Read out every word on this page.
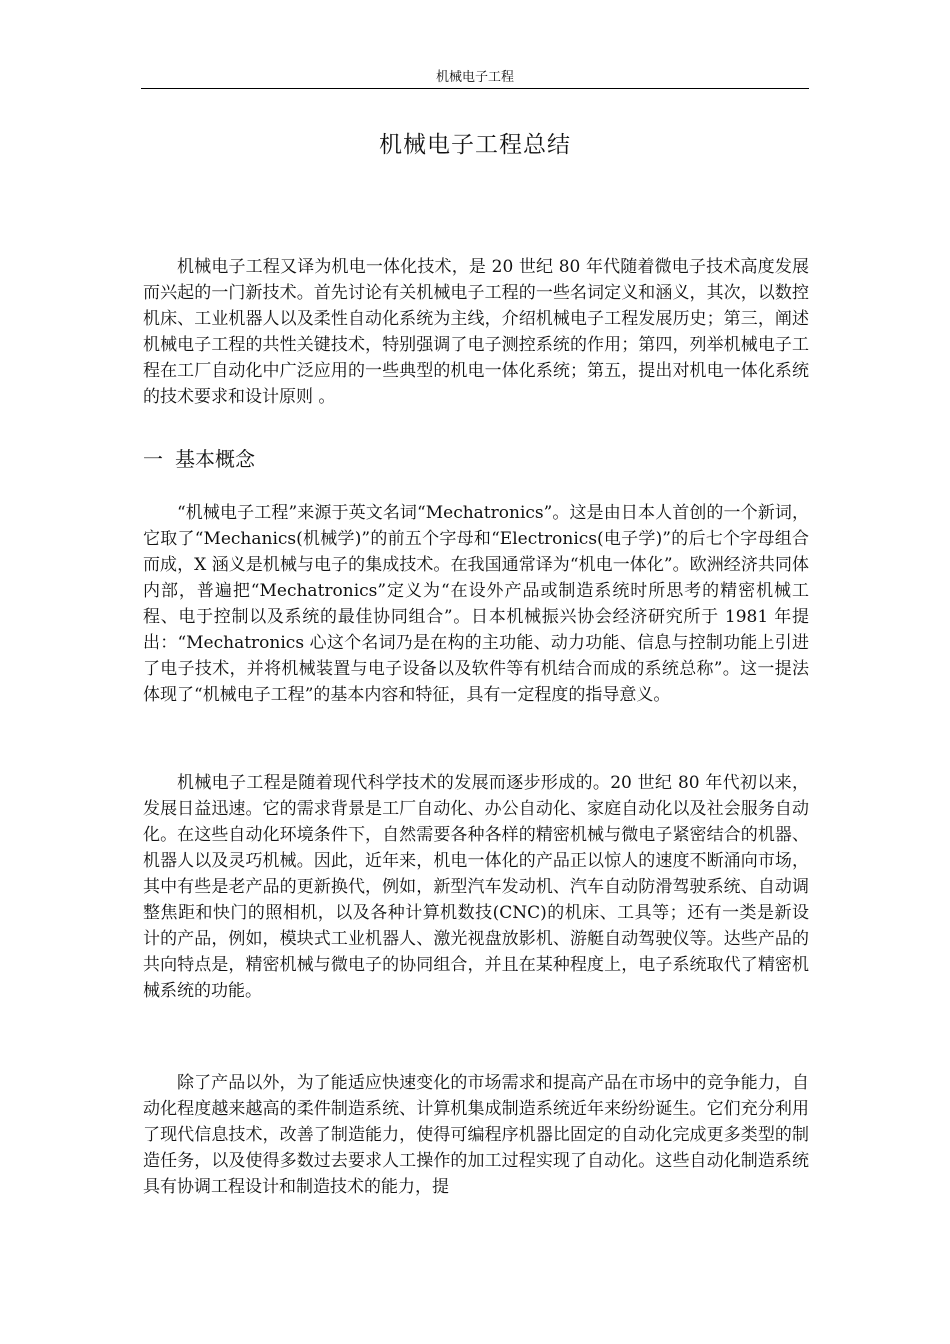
机械电子工程
机械电子工程总结

机械电子工程又译为机电一体化技术，是 20 世纪 80 年代随着微电子技术高度发展而兴起的一门新技术。首先讨论有关机械电子工程的一些名词定义和涵义，其次，以数控机床、工业机器人以及柔性自动化系统为主线，介绍机械电子工程发展历史；第三，阐述机械电子工程的共性关键技术，特别强调了电子测控系统的作用；第四，列举机械电子工程在工厂自动化中广泛应用的一些典型的机电一体化系统；第五，提出对机电一体化系统的技术要求和设计原则 。

一 基本概念

“机械电子工程”来源于英文名词“Mechatronics”。这是由日本人首创的一个新词，它取了“Mechanics(机械学)”的前五个字母和“Electronics(电子学)”的后七个字母组合而成，X 涵义是机械与电子的集成技术。在我国通常译为“机电一体化”。欧洲经济共同体内部，普遍把“Mechatronics”定义为“在设外产品或制造系统时所思考的精密机械工程、电于控制以及系统的最佳协同组合”。日本机械振兴协会经济研究所于 1981 年提出：“Mechatronics 心这个名词乃是在构的主功能、动力功能、信息与控制功能上引进了电子技术，并将机械装置与电子设备以及软件等有机结合而成的系统总称”。这一提法体现了“机械电子工程”的基本内容和特征，具有一定程度的指导意义。

机械电子工程是随着现代科学技术的发展而逐步形成的。20 世纪 80 年代初以来，发展日益迅速。它的需求背景是工厂自动化、办公自动化、家庭自动化以及社会服务自动化。在这些自动化环境条件下，自然需要各种各样的精密机械与微电子紧密结合的机器、机器人以及灵巧机械。因此，近年来，机电一体化的产品正以惊人的速度不断涌向市场，其中有些是老产品的更新换代，例如，新型汽车发动机、汽车自动防滑驾驶系统、自动调整焦距和快门的照相机，以及各种计算机数技(CNC)的机床、工具等；还有一类是新设计的产品，例如，模块式工业机器人、激光视盘放影机、游艇自动驾驶仪等。达些产品的共向特点是，精密机械与微电子的协同组合，并且在某种程度上，电子系统取代了精密机械系统的功能。

除了产品以外，为了能适应快速变化的市场需求和提高产品在市场中的竞争能力，自动化程度越来越高的柔件制造系统、计算机集成制造系统近年来纷纷诞生。它们充分利用了现代信息技术，改善了制造能力，使得可编程序机器比固定的自动化完成更多类型的制造任务，以及使得多数过去要求人工操作的加工过程实现了自动化。这些自动化制造系统具有协调工程设计和制造技术的能力，提
